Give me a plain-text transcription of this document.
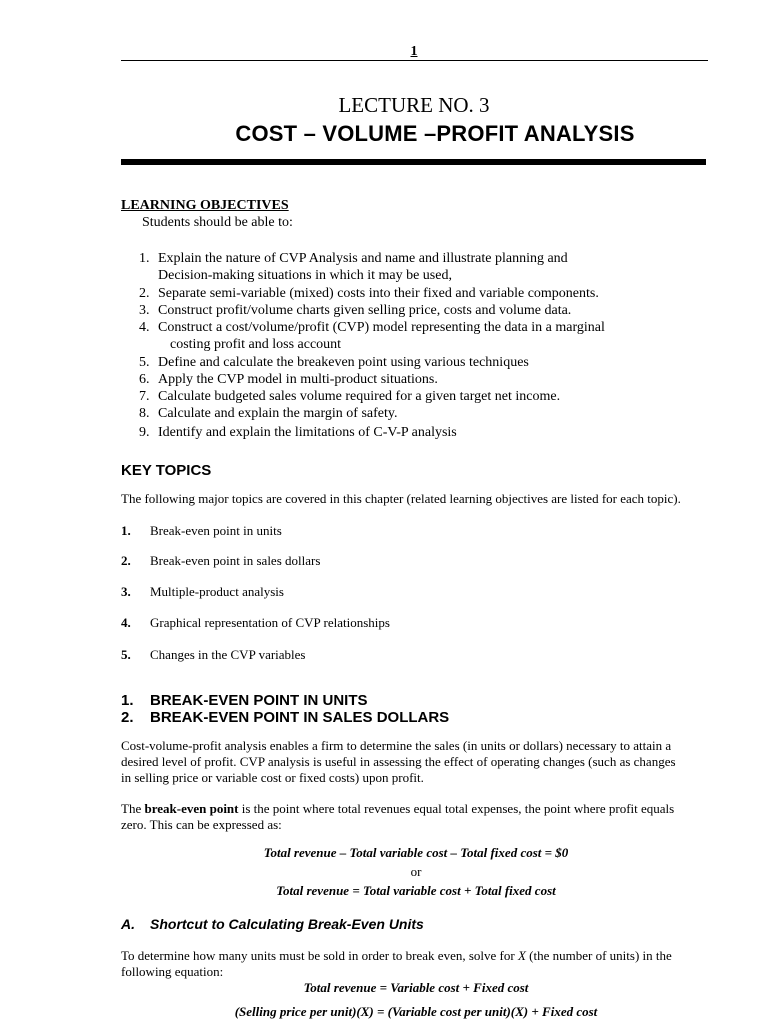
1
LECTURE NO. 3
COST – VOLUME –PROFIT ANALYSIS
LEARNING OBJECTIVES
Students should be able to:
1. Explain the nature of CVP Analysis and name and illustrate planning and
Decision-making situations in which it may be used,
2. Separate semi-variable (mixed) costs into their fixed and variable components.
3. Construct profit/volume charts given selling price, costs and volume data.
4. Construct a cost/volume/profit (CVP) model representing the data in a marginal
costing profit and loss account
5. Define and calculate the breakeven point using various techniques
6. Apply the CVP model in multi-product situations.
7. Calculate budgeted sales volume required for a given target net income.
8. Calculate and explain the margin of safety.
9. Identify and explain the limitations of C-V-P analysis
KEY TOPICS
The following major topics are covered in this chapter (related learning objectives are listed for each topic).
1. Break-even point in units
2. Break-even point in sales dollars
3. Multiple-product analysis
4. Graphical representation of CVP relationships
5. Changes in the CVP variables
1. BREAK-EVEN POINT IN UNITS
2. BREAK-EVEN POINT IN SALES DOLLARS
Cost-volume-profit analysis enables a firm to determine the sales (in units or dollars) necessary to attain a
desired level of profit. CVP analysis is useful in assessing the effect of operating changes (such as changes
in selling price or variable cost or fixed costs) upon profit.
The break-even point is the point where total revenues equal total expenses, the point where profit equals
zero. This can be expressed as:
Total revenue – Total variable cost – Total fixed cost = $0
or
Total revenue = Total variable cost + Total fixed cost
A. Shortcut to Calculating Break-Even Units
To determine how many units must be sold in order to break even, solve for X (the number of units) in the
following equation:
Total revenue = Variable cost + Fixed cost
(Selling price per unit)(X) = (Variable cost per unit)(X) + Fixed cost
